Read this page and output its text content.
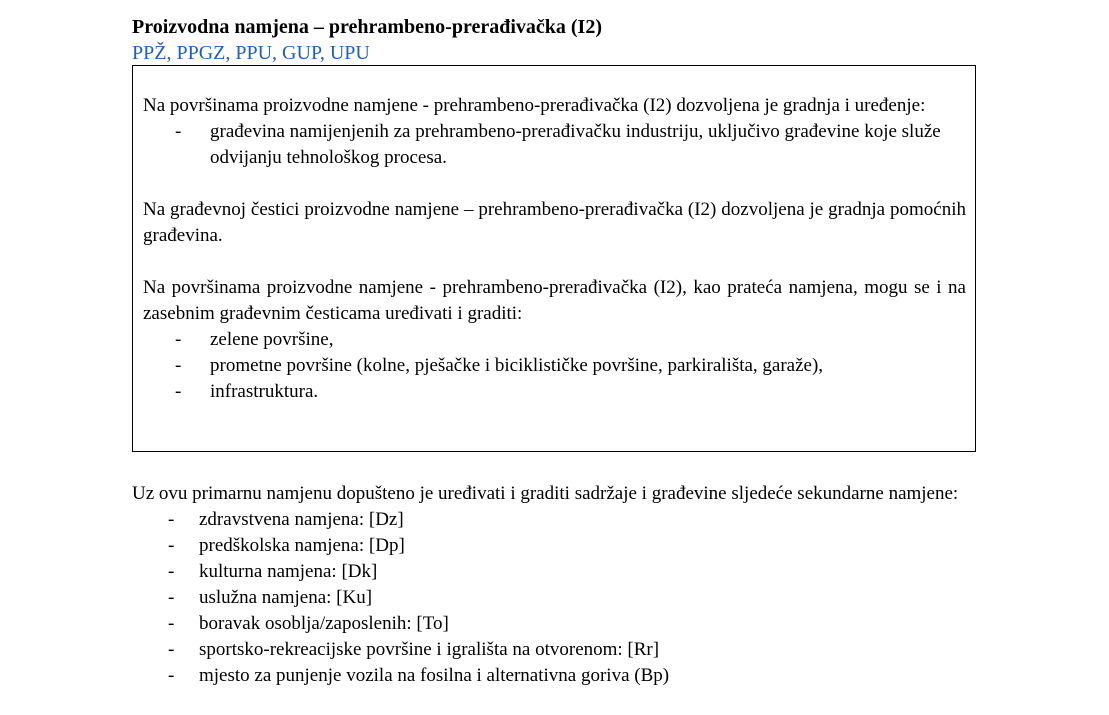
Proizvodna namjena – prehrambeno-prerađivačka (I2)
PPŽ, PPGZ, PPU, GUP, UPU

Na površinama proizvodne namjene - prehrambeno-prerađivačka (I2) dozvoljena je gradnja i uređenje:

- građevina namijenjenih za prehrambeno-prerađivačku industriju, uključivo građevine koje služe odvijanju tehnološkog procesa.

Na građevnoj čestici proizvodne namjene – prehrambeno-prerađivačka (I2) dozvoljena je gradnja pomoćnih građevina.

Na površinama proizvodne namjene - prehrambeno-prerađivačka (I2), kao prateća namjena, mogu se i na zasebnim građevnim česticama uređivati i graditi:

- zelene površine,
- prometne površine (kolne, pješačke i biciklističke površine, parkirališta, garaže),
- infrastruktura.

Uz ovu primarnu namjenu dopušteno je uređivati i graditi sadržaje i građevine sljedeće sekundarne namjene:

- zdravstvena namjena: [Dz]
- predškolska namjena: [Dp]
- kulturna namjena: [Dk]
- uslužna namjena: [Ku]
- boravak osoblja/zaposlenih: [To]
- sportsko-rekreacijske površine i igrališta na otvorenom: [Rr]
- mjesto za punjenje vozila na fosilna i alternativna goriva (Bp)
